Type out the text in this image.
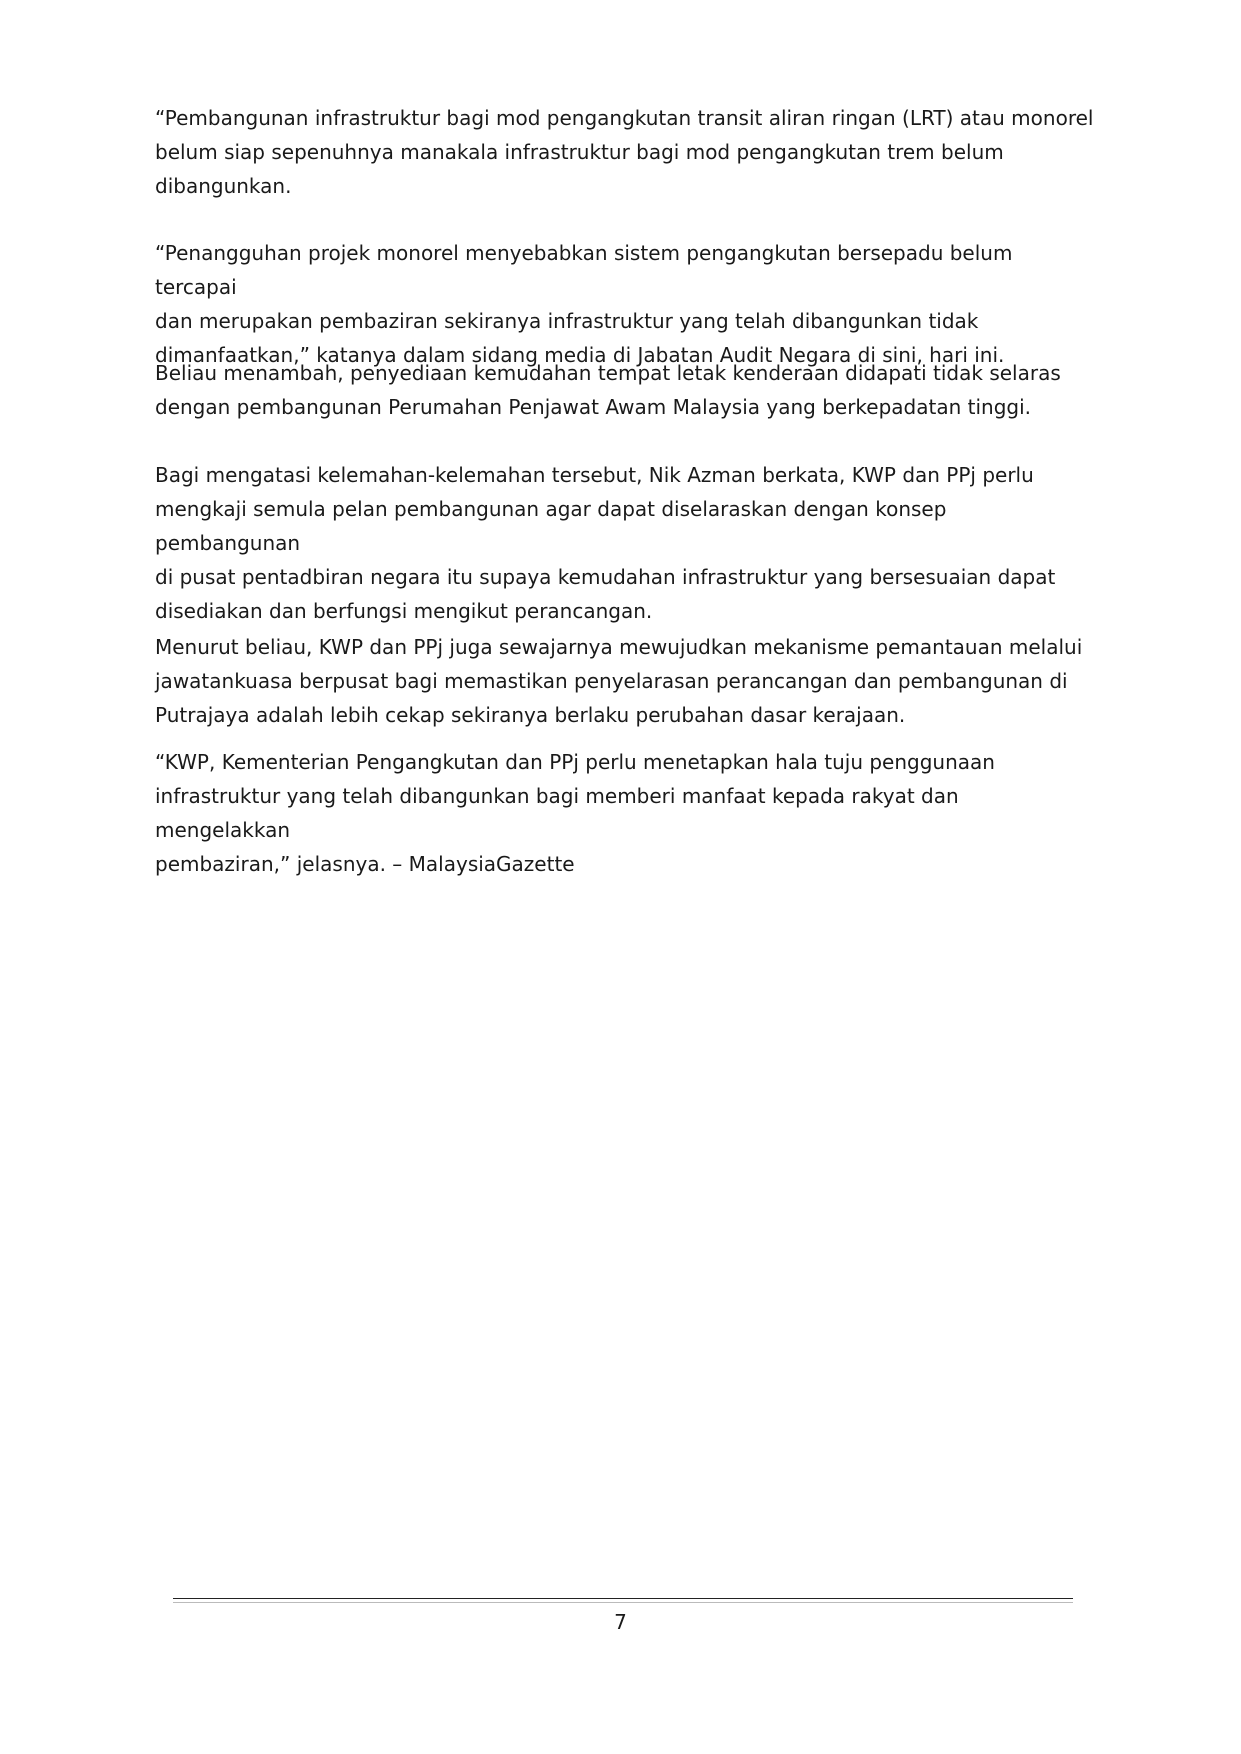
“Pembangunan infrastruktur bagi mod pengangkutan transit aliran ringan (LRT) atau monorel
belum siap sepenuhnya manakala infrastruktur bagi mod pengangkutan trem belum
dibangunkan.

“Penangguhan projek monorel menyebabkan sistem pengangkutan bersepadu belum tercapai
dan merupakan pembaziran sekiranya infrastruktur yang telah dibangunkan tidak
dimanfaatkan,” katanya dalam sidang media di Jabatan Audit Negara di sini, hari ini.

Beliau menambah, penyediaan kemudahan tempat letak kenderaan didapati tidak selaras
dengan pembangunan Perumahan Penjawat Awam Malaysia yang berkepadatan tinggi.

Bagi mengatasi kelemahan-kelemahan tersebut, Nik Azman berkata, KWP dan PPj perlu
mengkaji semula pelan pembangunan agar dapat diselaraskan dengan konsep pembangunan
di pusat pentadbiran negara itu supaya kemudahan infrastruktur yang bersesuaian dapat
disediakan dan berfungsi mengikut perancangan.

Menurut beliau, KWP dan PPj juga sewajarnya mewujudkan mekanisme pemantauan melalui
jawatankuasa berpusat bagi memastikan penyelarasan perancangan dan pembangunan di
Putrajaya adalah lebih cekap sekiranya berlaku perubahan dasar kerajaan.

“KWP, Kementerian Pengangkutan dan PPj perlu menetapkan hala tuju penggunaan
infrastruktur yang telah dibangunkan bagi memberi manfaat kepada rakyat dan mengelakkan
pembaziran,” jelasnya. – MalaysiaGazette

7
